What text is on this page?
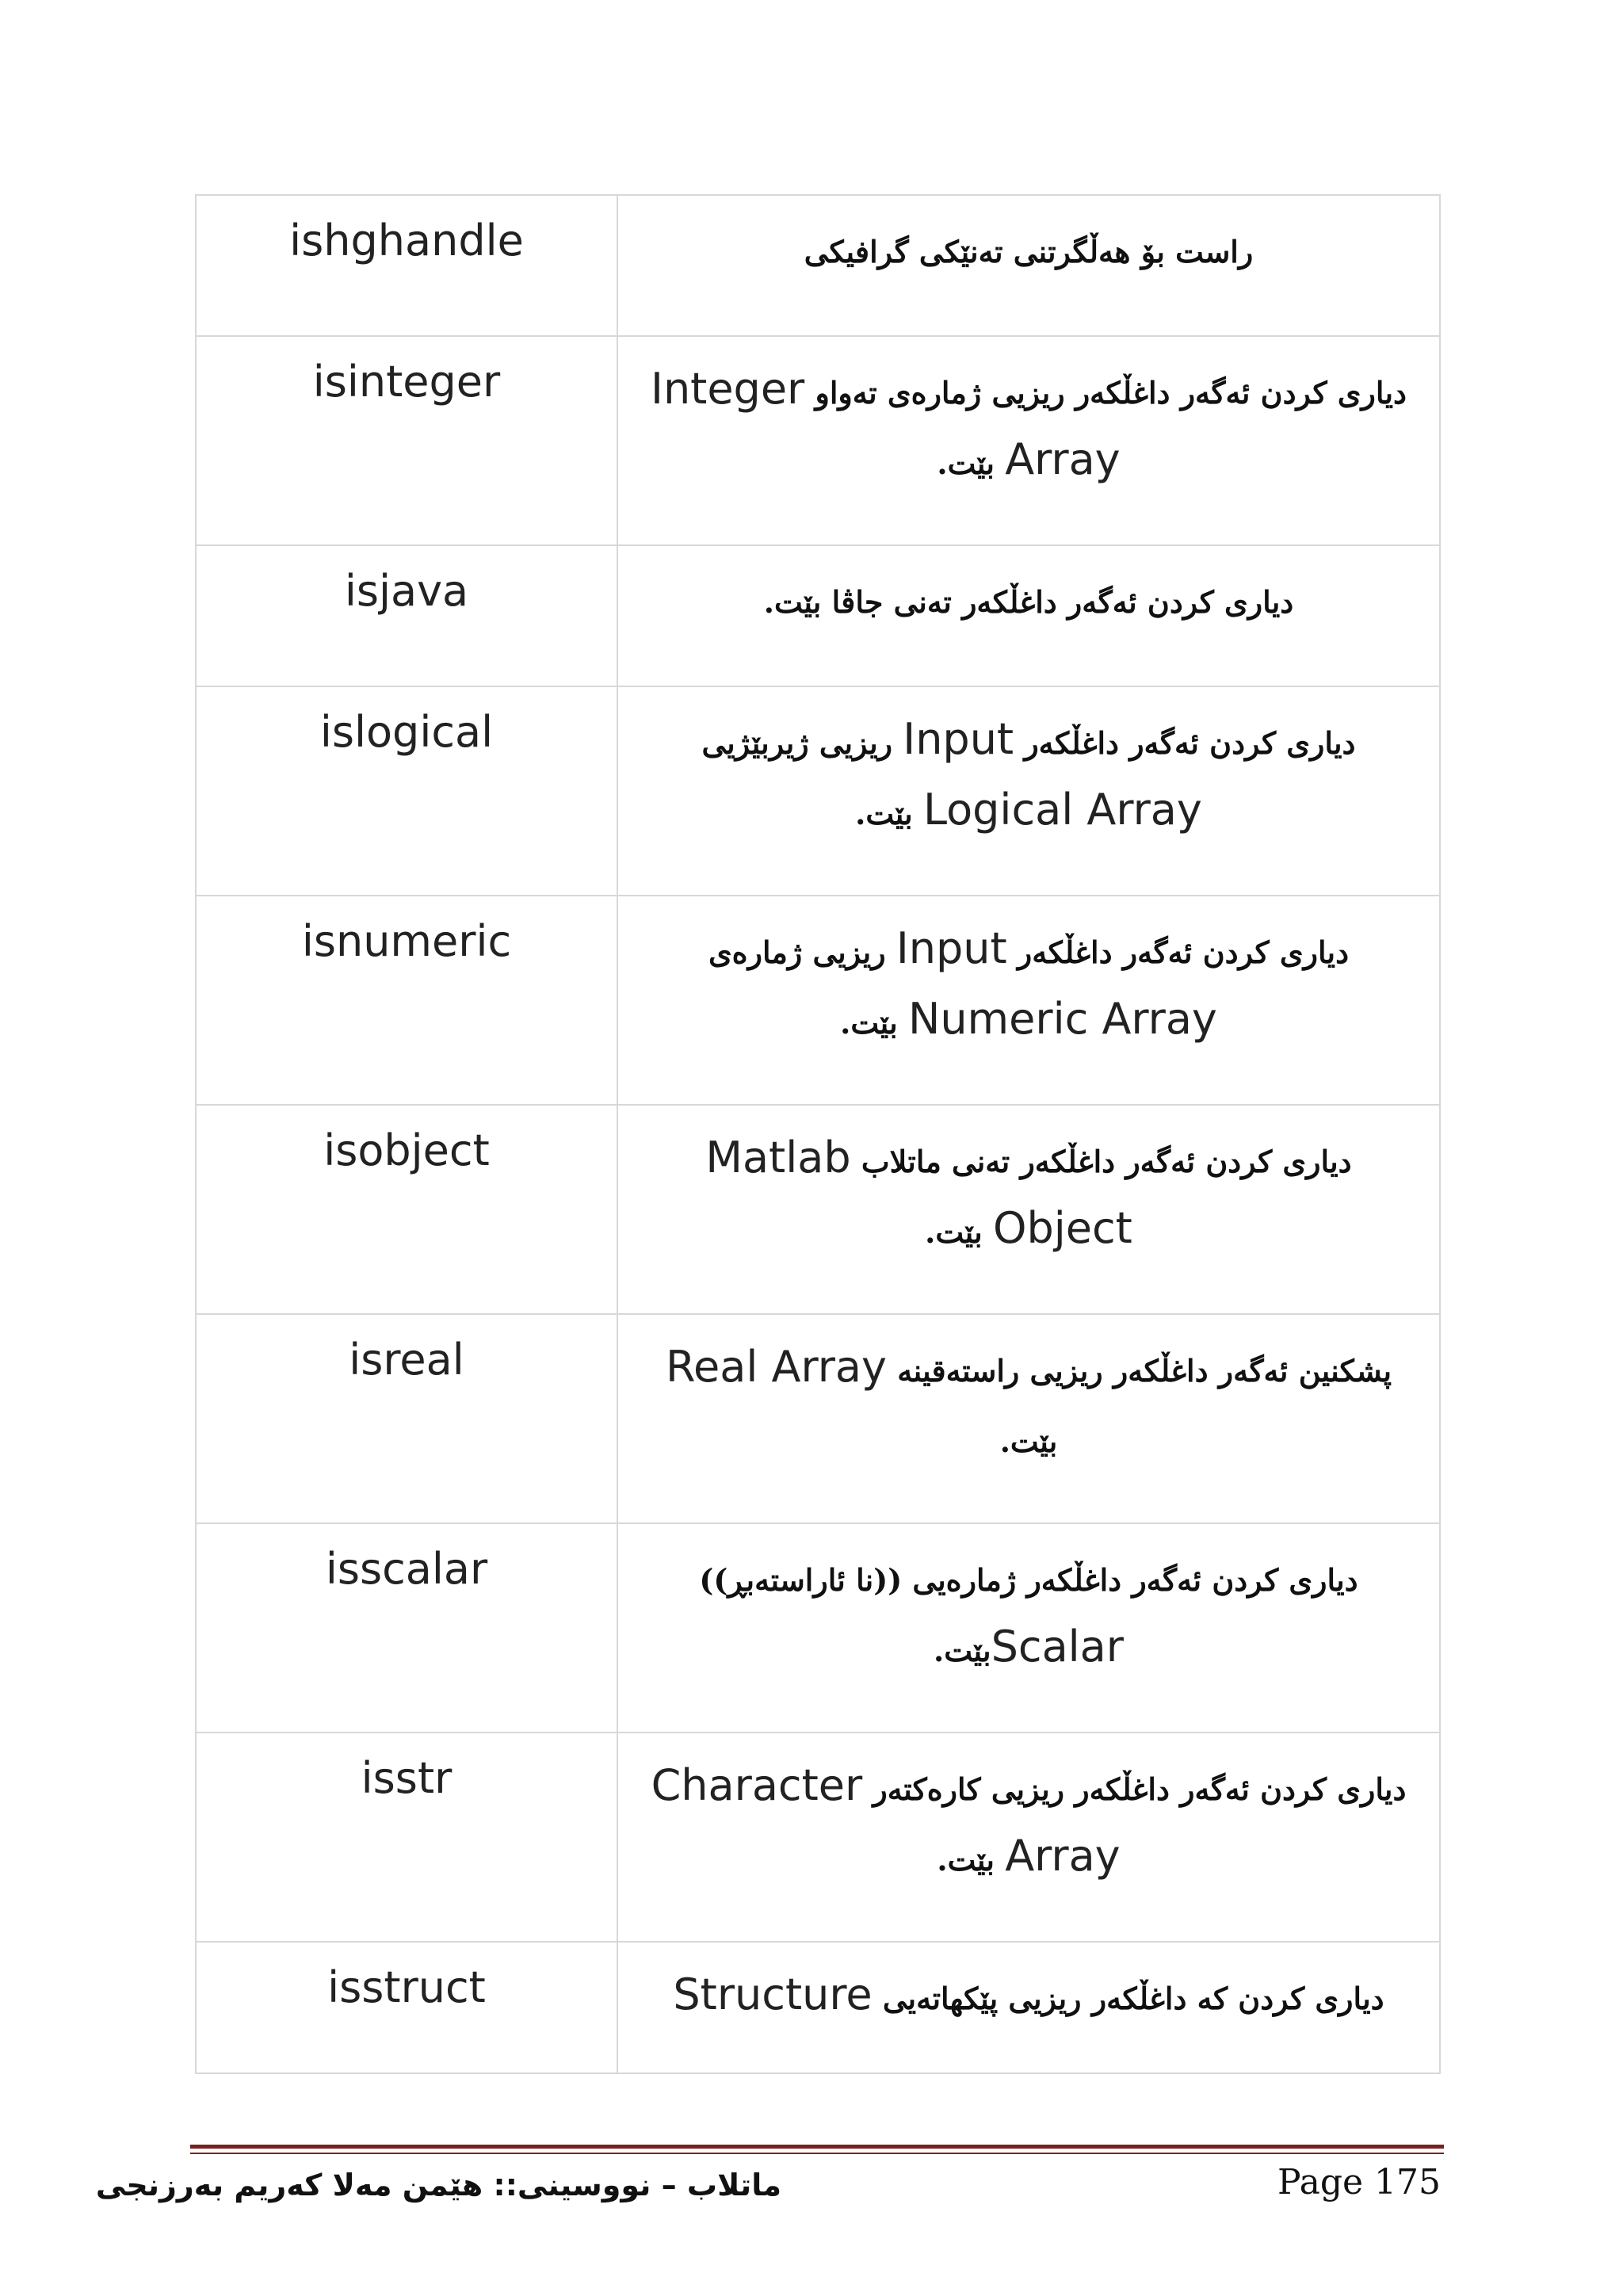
ishghandle	راست بۆ هەڵگرتنی تەنێکی گرافیکی

isinteger	دیاری کردن ئەگەر داغڵکەر ریزیی ژمارەی تەواو Integer
Array بێت.

isjava	دیاری کردن ئەگەر داغڵکەر تەنی جاڤا بێت.

islogical	دیاری کردن ئەگەر داغڵکەر Input ریزیی ژیربێژیی
Logical Array بێت.

isnumeric	دیاری کردن ئەگەر داغڵکەر Input ریزیی ژمارەی
Numeric Array بێت.

isobject	دیاری کردن ئەگەر داغڵکەر تەنی ماتلاب Matlab
Object بێت.

isreal	پشکنین ئەگەر داغڵکەر ریزیی راستەقینە Real Array
بێت.

isscalar	دیاری کردن ئەگەر داغڵکەر ژمارەیی ((نا ئاراستەبڕ))
Scalarبێت.

isstr	دیاری کردن ئەگەر داغڵکەر ریزیی کارەکتەر Character
Array بێت.

isstruct	دیاری کردن کە داغڵکەر ریزیی پێکهاتەیی Structure
ماتلاب – نووسینی:: هێمن مەلا کەریم بەرزنجی	Page 175
